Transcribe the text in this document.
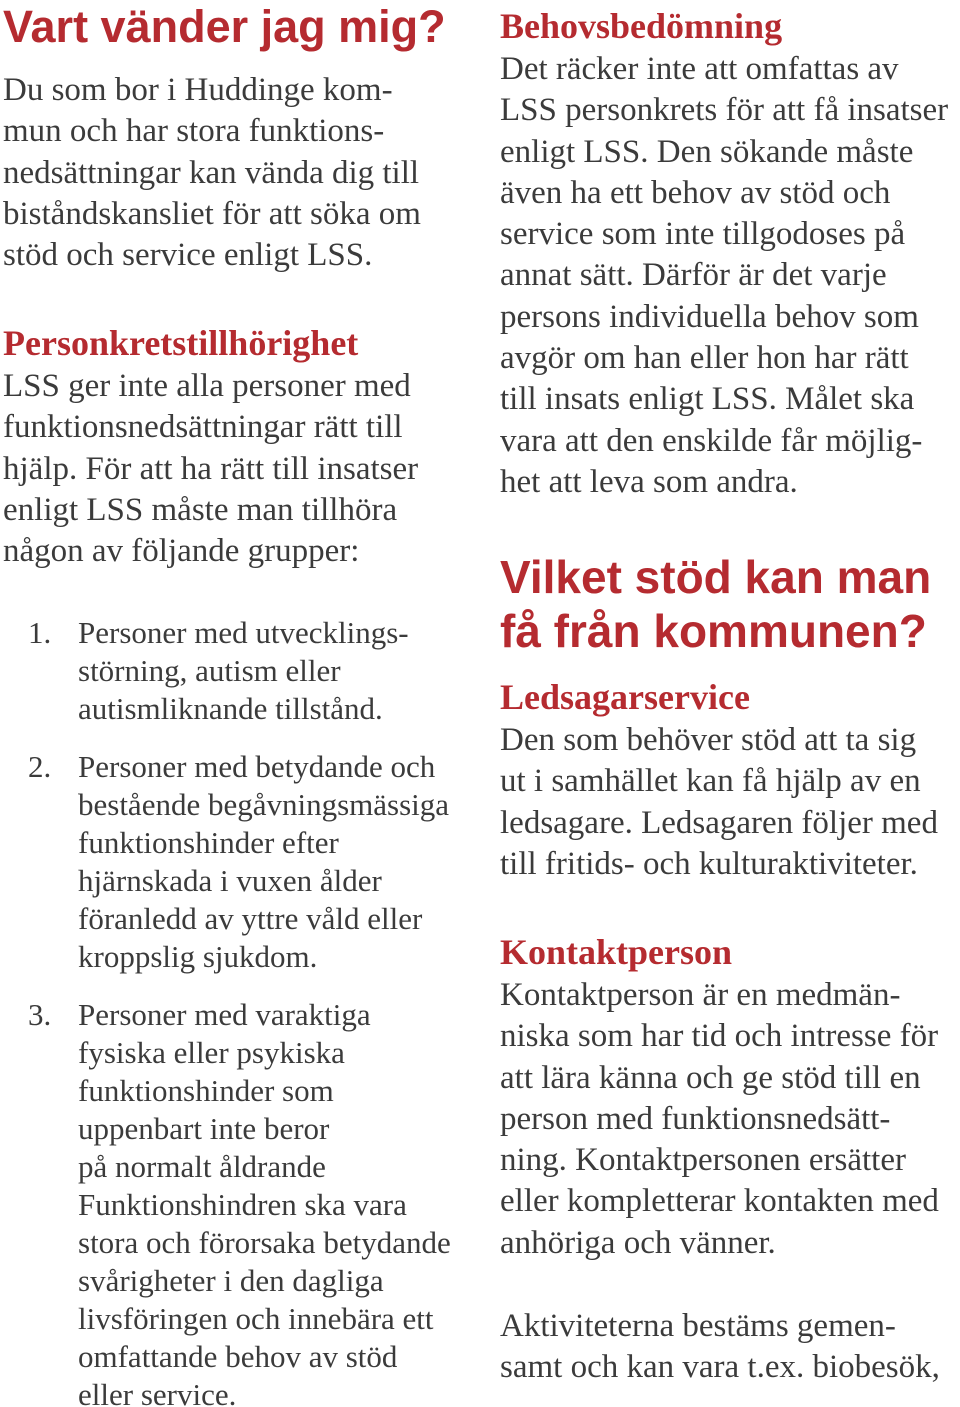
Vart vänder jag mig?
Du som bor i Huddinge kom-
mun och har stora funktions-
nedsättningar kan vända dig till
biståndskansliet för att söka om
stöd och service enligt LSS.
Personkretstillhörighet
LSS ger inte alla personer med
funktionsnedsättningar rätt till
hjälp. För att ha rätt till insatser
enligt LSS måste man tillhöra
någon av följande grupper:
1. Personer med utvecklings-
störning, autism eller
autismliknande tillstånd.
2. Personer med betydande och
bestående begåvningsmässiga
funktionshinder efter
hjärnskada i vuxen ålder
föranledd av yttre våld eller
kroppslig sjukdom.
3. Personer med varaktiga
fysiska eller psykiska
funktionshinder som
uppenbart inte beror
på normalt åldrande
Funktionshindren ska vara
stora och förorsaka betydande
svårigheter i den dagliga
livsföringen och innebära ett
omfattande behov av stöd
eller service.
Behovsbedömning
Det räcker inte att omfattas av
LSS personkrets för att få insatser
enligt LSS. Den sökande måste
även ha ett behov av stöd och
service som inte tillgodoses på
annat sätt. Därför är det varje
persons individuella behov som
avgör om han eller hon har rätt
till insats enligt LSS. Målet ska
vara att den enskilde får möjlig-
het att leva som andra.
Vilket stöd kan man
få från kommunen?
Ledsagarservice
Den som behöver stöd att ta sig
ut i samhället kan få hjälp av en
ledsagare. Ledsagaren följer med
till fritids- och kulturaktiviteter.
Kontaktperson
Kontaktperson är en medmän-
niska som har tid och intresse för
att lära känna och ge stöd till en
person med funktionsnedsätt-
ning. Kontaktpersonen ersätter
eller kompletterar kontakten med
anhöriga och vänner.
Aktiviteterna bestäms gemen-
samt och kan vara t.ex. biobesök,
